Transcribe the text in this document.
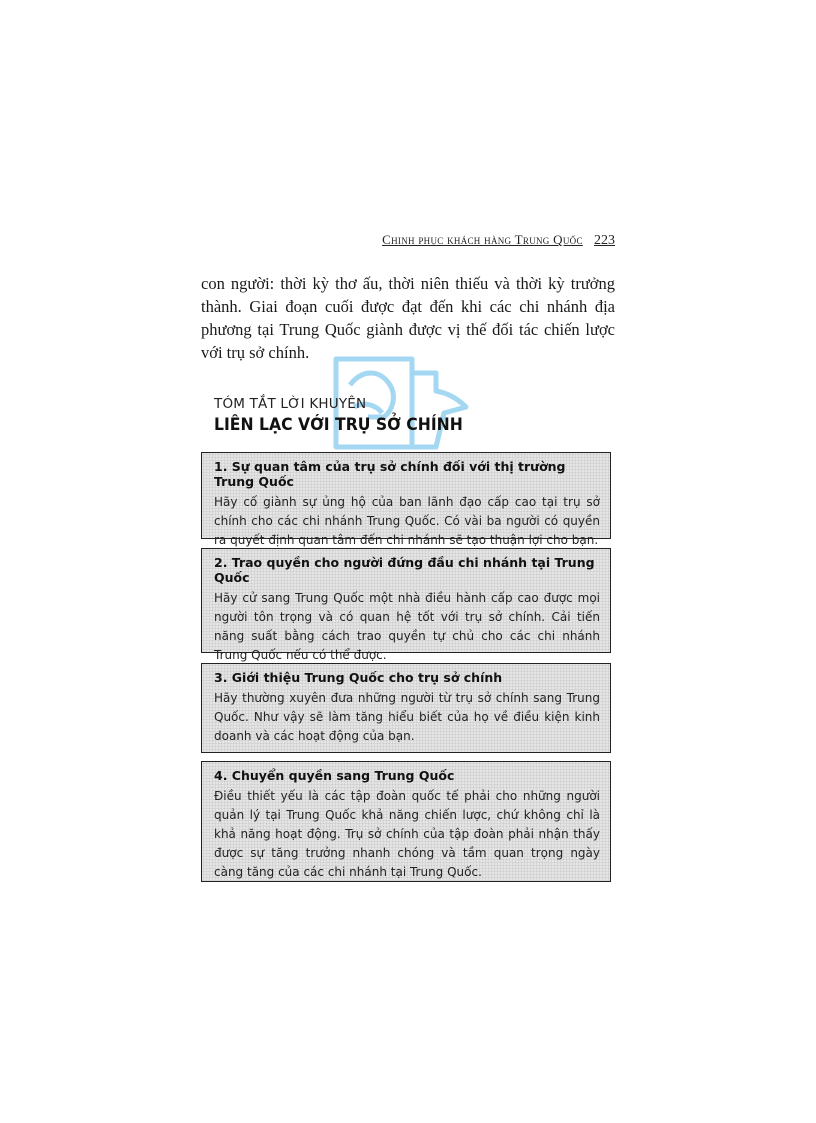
Chinh phục khách hàng Trung Quốc 223

con người: thời kỳ thơ ấu, thời niên thiếu và thời kỳ trưởng thành. Giai đoạn cuối được đạt đến khi các chi nhánh địa phương tại Trung Quốc giành được vị thế đối tác chiến lược với trụ sở chính.

TÓM TẮT LỜI KHUYÊN
LIÊN LẠC VỚI TRỤ SỞ CHÍNH
1. Sự quan tâm của trụ sở chính đối với thị trường Trung Quốc
Hãy cố giành sự ủng hộ của ban lãnh đạo cấp cao tại trụ sở chính cho các chi nhánh Trung Quốc. Có vài ba người có quyền ra quyết định quan tâm đến chi nhánh sẽ tạo thuận lợi cho bạn.
2. Trao quyền cho người đứng đầu chi nhánh tại Trung Quốc
Hãy cử sang Trung Quốc một nhà điều hành cấp cao được mọi người tôn trọng và có quan hệ tốt với trụ sở chính. Cải tiến năng suất bằng cách trao quyền tự chủ cho các chi nhánh Trung Quốc nếu có thể được.
3. Giới thiệu Trung Quốc cho trụ sở chính
Hãy thường xuyên đưa những người từ trụ sở chính sang Trung Quốc. Như vậy sẽ làm tăng hiểu biết của họ về điều kiện kinh doanh và các hoạt động của bạn.
4. Chuyển quyền sang Trung Quốc
Điều thiết yếu là các tập đoàn quốc tế phải cho những người quản lý tại Trung Quốc khả năng chiến lược, chứ không chỉ là khả năng hoạt động. Trụ sở chính của tập đoàn phải nhận thấy được sự tăng trưởng nhanh chóng và tầm quan trọng ngày càng tăng của các chi nhánh tại Trung Quốc.
